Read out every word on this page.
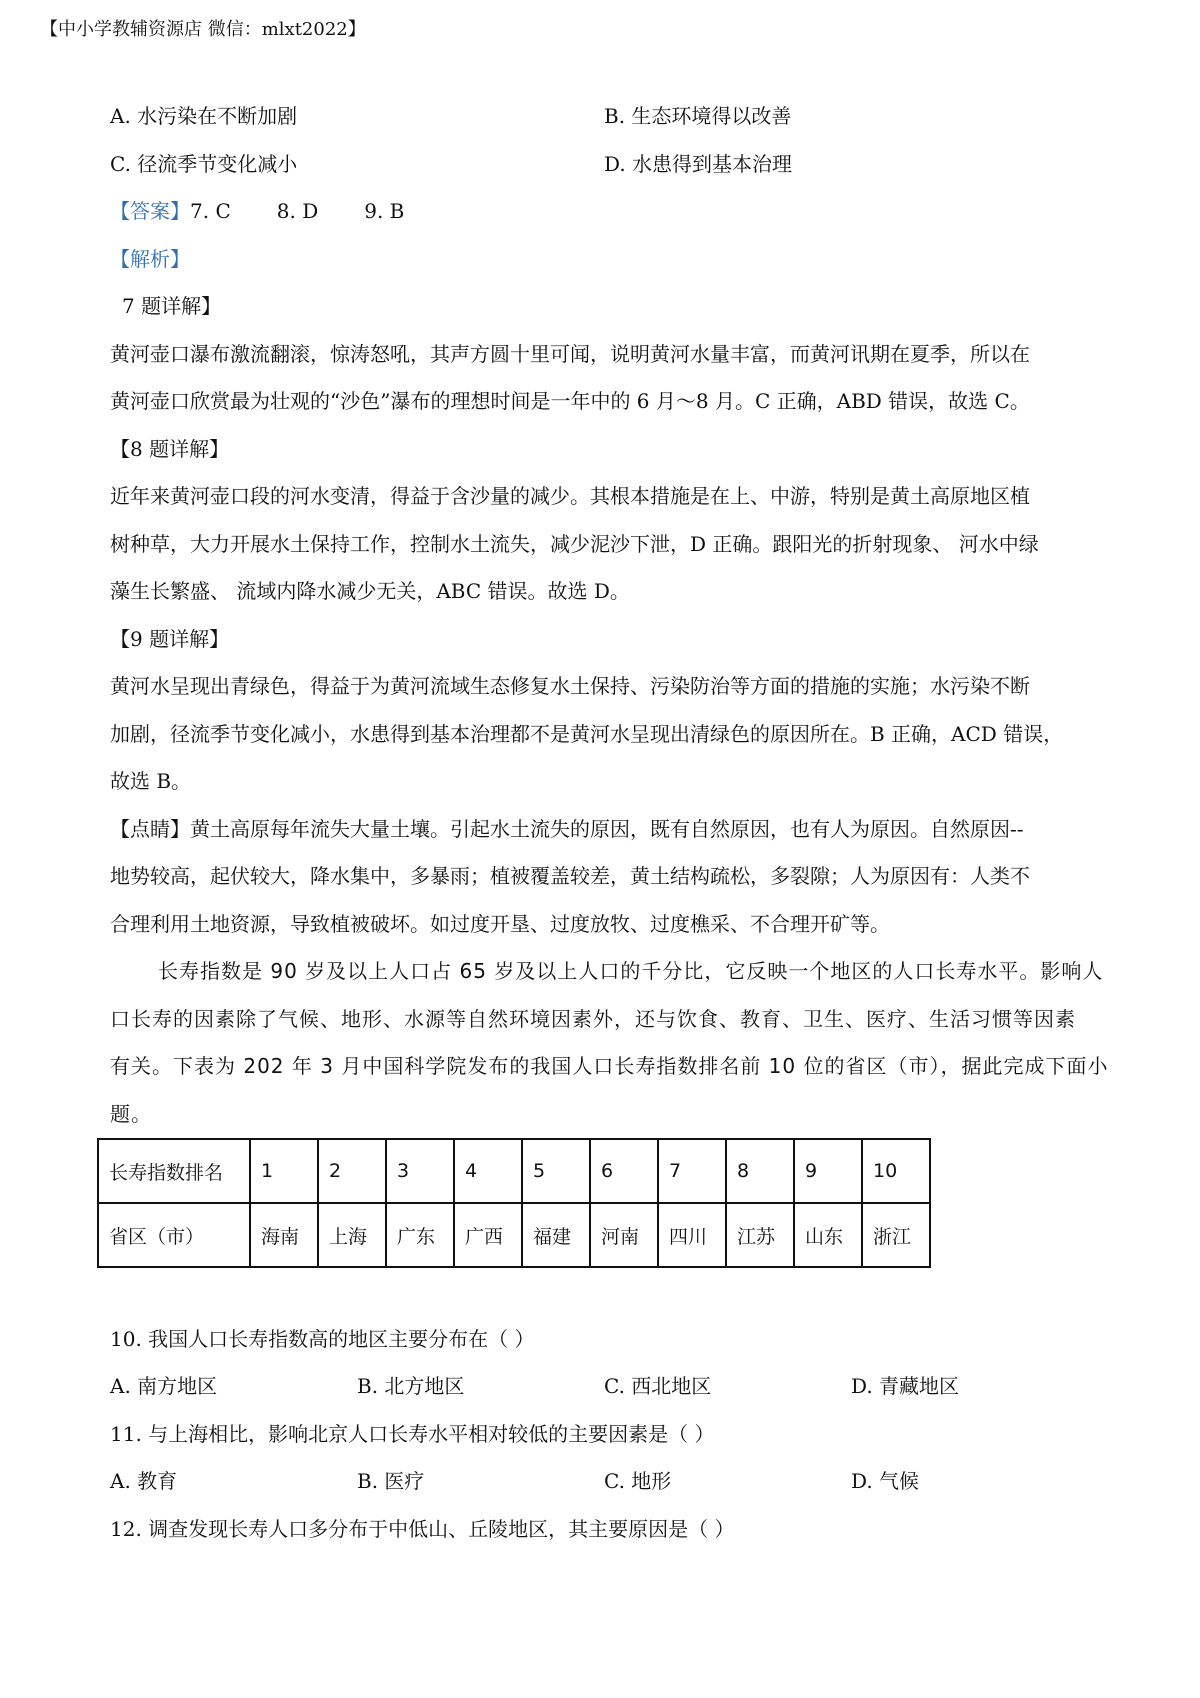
【中小学教辅资源店 微信：mlxt2022】
A. 水污染在不断加剧	B. 生态环境得以改善
C. 径流季节变化减小	D. 水患得到基本治理
【答案】7. C 8. D 9. B
【解析】
7 题详解】
黄河壶口瀑布激流翻滚，惊涛怒吼，其声方圆十里可闻，说明黄河水量丰富，而黄河讯期在夏季，所以在
黄河壶口欣赏最为壮观的“沙色”瀑布的理想时间是一年中的 6 月～8 月。C 正确，ABD 错误，故选 C。
【8 题详解】
近年来黄河壶口段的河水变清，得益于含沙量的减少。其根本措施是在上、中游，特别是黄土高原地区植
树种草，大力开展水土保持工作，控制水土流失，减少泥沙下泄，D 正确。跟阳光的折射现象、 河水中绿
藻生长繁盛、 流域内降水减少无关，ABC 错误。故选 D。
【9 题详解】
黄河水呈现出青绿色，得益于为黄河流域生态修复水土保持、污染防治等方面的措施的实施；水污染不断
加剧，径流季节变化减小，水患得到基本治理都不是黄河水呈现出清绿色的原因所在。B 正确，ACD 错误，
故选 B。
【点睛】黄土高原每年流失大量土壤。引起水土流失的原因，既有自然原因，也有人为原因。自然原因--
地势较高，起伏较大，降水集中，多暴雨；植被覆盖较差，黄土结构疏松，多裂隙；人为原因有：人类不
合理利用土地资源，导致植被破坏。如过度开垦、过度放牧、过度樵采、不合理开矿等。
长寿指数是 90 岁及以上人口占 65 岁及以上人口的千分比，它反映一个地区的人口长寿水平。影响人
口长寿的因素除了气候、地形、水源等自然环境因素外，还与饮食、教育、卫生、医疗、生活习惯等因素
有关。下表为 202 年 3 月中国科学院发布的我国人口长寿指数排名前 10 位的省区（市），据此完成下面小
题。
长寿指数排名	1	2	3	4	5	6	7	8	9	10
省区（市）	海南	上海	广东	广西	福建	河南	四川	江苏	山东	浙江
10. 我国人口长寿指数高的地区主要分布在（ ）
A. 南方地区	B. 北方地区	C. 西北地区	D. 青藏地区
11. 与上海相比，影响北京人口长寿水平相对较低的主要因素是（ ）
A. 教育	B. 医疗	C. 地形	D. 气候
12. 调查发现长寿人口多分布于中低山、丘陵地区，其主要原因是（ ）
